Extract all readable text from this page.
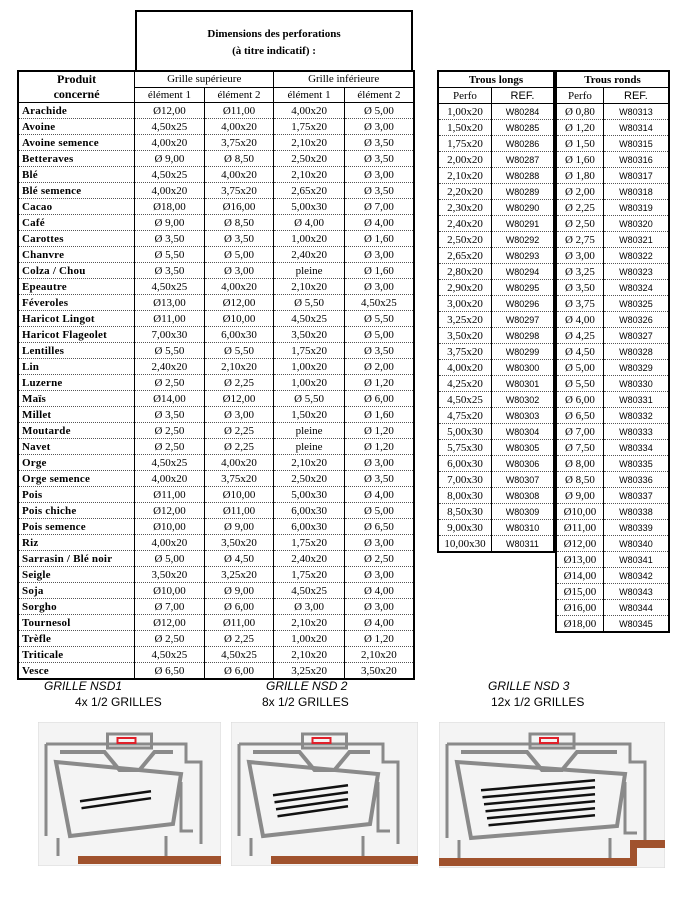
Dimensions des perforations
(à titre indicatif) :
Produit
concerné	Grille supérieure		Grille inférieure	
	élément 1	élément 2	élément 1	élément 2
Arachide	Ø12,00	Ø11,00	4,00x20	Ø 5,00
Avoine	4,50x25	4,00x20	1,75x20	Ø 3,00
Avoine semence	4,00x20	3,75x20	2,10x20	Ø 3,50
Betteraves	Ø 9,00	Ø 8,50	2,50x20	Ø 3,50
Blé	4,50x25	4,00x20	2,10x20	Ø 3,00
Blé semence	4,00x20	3,75x20	2,65x20	Ø 3,50
Cacao	Ø18,00	Ø16,00	5,00x30	Ø 7,00
Café	Ø 9,00	Ø 8,50	Ø 4,00	Ø 4,00
Carottes	Ø 3,50	Ø 3,50	1,00x20	Ø 1,60
Chanvre	Ø 5,50	Ø 5,00	2,40x20	Ø 3,00
Colza / Chou	Ø 3,50	Ø 3,00	pleine	Ø 1,60
Epeautre	4,50x25	4,00x20	2,10x20	Ø 3,00
Féveroles	Ø13,00	Ø12,00	Ø 5,50	4,50x25
Haricot Lingot	Ø11,00	Ø10,00	4,50x25	Ø 5,50
Haricot Flageolet	7,00x30	6,00x30	3,50x20	Ø 5,00
Lentilles	Ø 5,50	Ø 5,50	1,75x20	Ø 3,50
Lin	2,40x20	2,10x20	1,00x20	Ø 2,00
Luzerne	Ø 2,50	Ø 2,25	1,00x20	Ø 1,20
Maïs	Ø14,00	Ø12,00	Ø 5,50	Ø 6,00
Millet	Ø 3,50	Ø 3,00	1,50x20	Ø 1,60
Moutarde	Ø 2,50	Ø 2,25	pleine	Ø 1,20
Navet	Ø 2,50	Ø 2,25	pleine	Ø 1,20
Orge	4,50x25	4,00x20	2,10x20	Ø 3,00
Orge semence	4,00x20	3,75x20	2,50x20	Ø 3,50
Pois	Ø11,00	Ø10,00	5,00x30	Ø 4,00
Pois chiche	Ø12,00	Ø11,00	6,00x30	Ø 5,00
Pois semence	Ø10,00	Ø 9,00	6,00x30	Ø 6,50
Riz	4,00x20	3,50x20	1,75x20	Ø 3,00
Sarrasin / Blé noir	Ø 5,00	Ø 4,50	2,40x20	Ø 2,50
Seigle	3,50x20	3,25x20	1,75x20	Ø 3,00
Soja	Ø10,00	Ø 9,00	4,50x25	Ø 4,00
Sorgho	Ø 7,00	Ø 6,00	Ø 3,00	Ø 3,00
Tournesol	Ø12,00	Ø11,00	2,10x20	Ø 4,00
Trèfle	Ø 2,50	Ø 2,25	1,00x20	Ø 1,20
Triticale	4,50x25	4,50x25	2,10x20	2,10x20
Vesce	Ø 6,50	Ø 6,00	3,25x20	3,50x20
Trous longs	
Perfo	REF.
1,00x20	W80284
1,50x20	W80285
1,75x20	W80286
2,00x20	W80287
2,10x20	W80288
2,20x20	W80289
2,30x20	W80290
2,40x20	W80291
2,50x20	W80292
2,65x20	W80293
2,80x20	W80294
2,90x20	W80295
3,00x20	W80296
3,25x20	W80297
3,50x20	W80298
3,75x20	W80299
4,00x20	W80300
4,25x20	W80301
4,50x25	W80302
4,75x20	W80303
5,00x30	W80304
5,75x30	W80305
6,00x30	W80306
7,00x30	W80307
8,00x30	W80308
8,50x30	W80309
9,00x30	W80310
10,00x30	W80311
Trous ronds	
Perfo	REF.
Ø 0,80	W80313
Ø 1,20	W80314
Ø 1,50	W80315
Ø 1,60	W80316
Ø 1,80	W80317
Ø 2,00	W80318
Ø 2,25	W80319
Ø 2,50	W80320
Ø 2,75	W80321
Ø 3,00	W80322
Ø 3,25	W80323
Ø 3,50	W80324
Ø 3,75	W80325
Ø 4,00	W80326
Ø 4,25	W80327
Ø 4,50	W80328
Ø 5,00	W80329
Ø 5,50	W80330
Ø 6,00	W80331
Ø 6,50	W80332
Ø 7,00	W80333
Ø 7,50	W80334
Ø 8,00	W80335
Ø 8,50	W80336
Ø 9,00	W80337
Ø10,00	W80338
Ø11,00	W80339
Ø12,00	W80340
Ø13,00	W80341
Ø14,00	W80342
Ø15,00	W80343
Ø16,00	W80344
Ø18,00	W80345
GRILLE NSD1
4x 1/2 GRILLES
GRILLE NSD 2
8x 1/2 GRILLES
GRILLE NSD 3
12x 1/2 GRILLES
